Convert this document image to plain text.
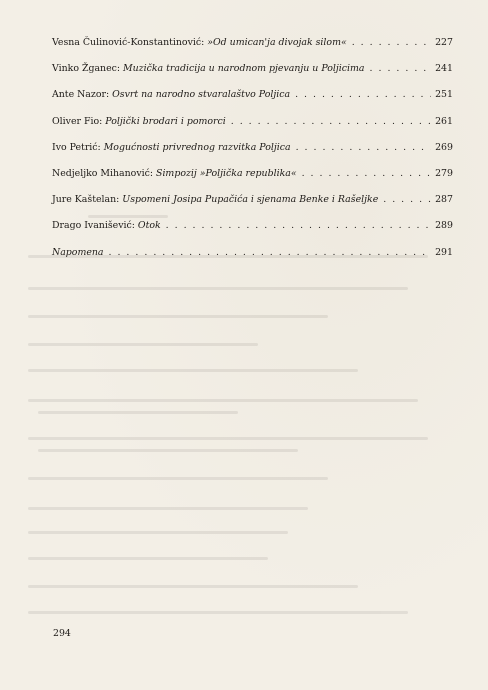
Vesna Čulinović-Konstantinović:
»Od umican'ja divojak silom« . . .	227
Vinko Žganec:
Muzička tradicija u narodnom pjevanju u Poljicima . . .	241
Ante Nazor:
Osvrt na narodno stvaralaštvo Poljica . . .	251
Oliver Fio:
Poljički brodari i pomorci . . .	261
Ivo Petrić:
Mogućnosti privrednog razvitka Poljica . . .	269
Nedjeljko Mihanović:
Simpozij »Poljička republika« . . .	279
Jure Kaštelan:
Uspomeni Josipa Pupačića i sjenama Benke i Rašeljke . . .	287
Drago Ivanišević:
Otok . . .	289
Napomena . . .	291
294
